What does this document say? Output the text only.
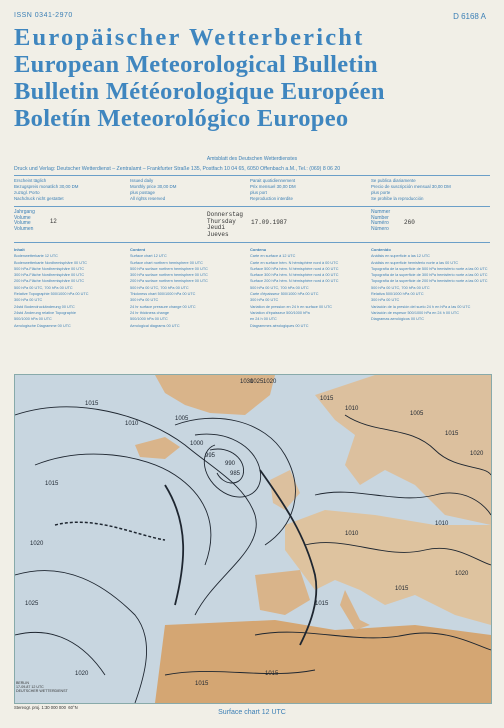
ISSN 0341-2970	D 6168 A
Europäischer Wetterbericht
European Meteorological Bulletin
Bulletin Météorologique Européen
Boletín Meteorológico Europeo
Amtsblatt des Deutschen Wetterdienstes
Druck und Verlag: Deutscher Wetterdienst – Zentralamt – Frankfurter Straße 135, Postfach 10 04 65, 6050 Offenbach a.M., Tel.: (069) 8 06 20
Erscheint täglich
Bezugspreis monatlich 30,00 DM
zuzügl. Porto
Nachdruck nicht gestattet
Issued daily
Monthly price 30,00 DM
plus postage
All rights reserved
Parait quotidiennement
Prix mensuel 30,00 DM
plus port
Reproduction interdite
Se publica diariamente
Precio de suscripción mensual 30,00 DM
plus porte
Se prohibe la reproducción
Jahrgang
Volume
Volume
Volumen
12
Donnerstag
Thursday
Jeudi
Jueves
17.09.1987
Nummer
Number
Numéro
Número
260
Inhalt
Bodenwetterkarte 12 UTC
Bodenwetterkarte Nordhemisphäre 00 UTC
500 hPa-Fläche Nordhemisphäre 00 UTC
300 hPa-Fläche Nordhemisphäre 00 UTC
200 hPa-Fläche Nordhemisphäre 00 UTC
500 hPa 00 UTC, 700 hPa 00 UTC
Relative Topographie 500/1000 hPa 00 UTC
300 hPa 00 UTC
24std Bodendruckänderung 00 UTC
24std Änderung relative Topographie
500/1000 hPa 00 UTC
Aerologische Diagramme 00 UTC
Content
Surface chart 12 UTC
Surface chart northern hemisphere 00 UTC
500 hPa surface northern hemisphere 00 UTC
300 hPa surface northern hemisphere 00 UTC
200 hPa surface northern hemisphere 00 UTC
500 hPa 00 UTC, 700 hPa 00 UTC
Thickness chart 500/1000 hPa 00 UTC
300 hPa 00 UTC
24 hr surface pressure change 00 UTC
24 hr thickness change
500/1000 hPa 00 UTC
Aerological diagrams 00 UTC
Contenu
Carte en surface à 12 UTC
Carte en surface hém. N hémisphère nord à 00 UTC
Surface 500 hPa hém. N hémisphère nord à 00 UTC
Surface 300 hPa hém. N hémisphère nord à 00 UTC
Surface 200 hPa hém. N hémisphère nord à 00 UTC
500 hPa 00 UTC, 700 hPa 00 UTC
Carte d'épaisseur 500/1000 hPa 00 UTC
300 hPa 00 UTC
Variation de pression en 24 h en surface 00 UTC
Variation d'épaisseur 500/1000 hPa
en 24 h 00 UTC
Diagrammes aérologiques 00 UTC
Contenido
Análisis en superficie a las 12 UTC
Análisis en superficie hemisferio norte a las 00 UTC
Topografía de la superficie de 500 hPa hemisferio norte a las 00 UTC
Topografía de la superficie de 300 hPa hemisferio norte a las 00 UTC
Topografía de la superficie de 200 hPa hemisferio norte a las 00 UTC
500 hPa 00 UTC, 700 hPa 00 UTC
Relativa 500/1000 hPa 00 UTC
300 hPa 00 UTC
Variación de la presión del suelo 24 h en hPa a las 00 UTC
Variación de espesor 500/1000 hPa en 24 h 00 UTC
Diagramas aerológicos 00 UTC
1030
1025 1020
1015
1010
1005
1000
995
990
985
1005
1015
1020
1015
1010
1015
1020
1025
1020
1015
1010
1015
1020
1010
1015
1015
BERLIN
17-09-87 12 UTC
DEUTSCHER WETTERDIENST
Stereogr. proj. 1:30 000 000 60°N
Surface chart 12 UTC
